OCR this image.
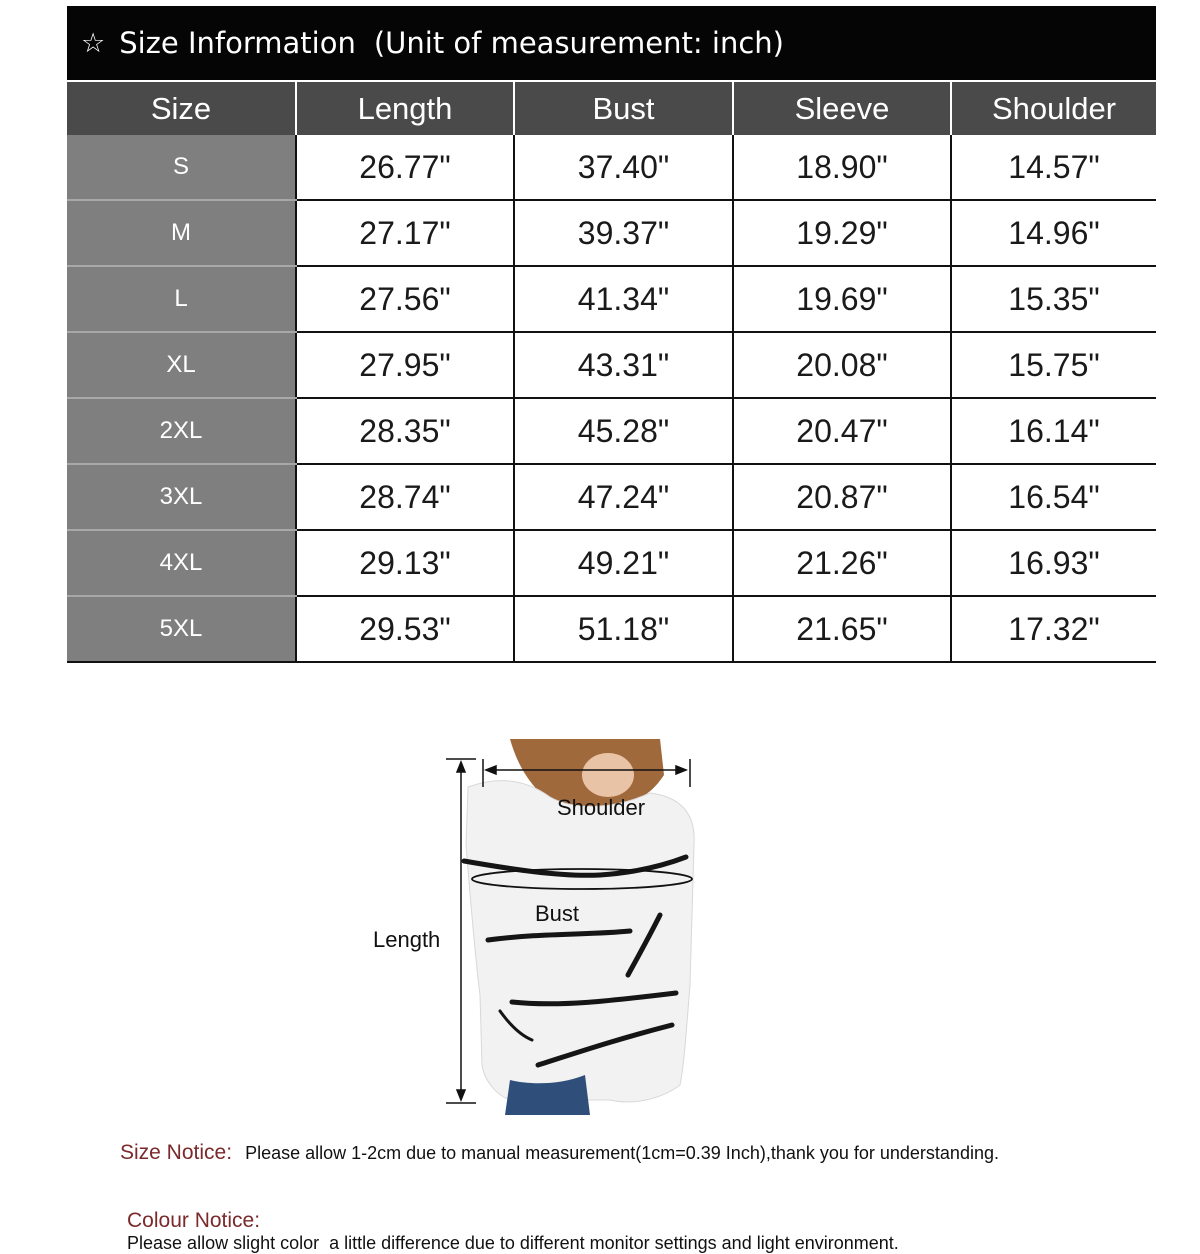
☆ Size Information (Unit of measurement: inch)
Size	Length	Bust	Sleeve	Shoulder
S	26.77"	37.40"	18.90"	14.57"
M	27.17"	39.37"	19.29"	14.96"
L	27.56"	41.34"	19.69"	15.35"
XL	27.95"	43.31"	20.08"	15.75"
2XL	28.35"	45.28"	20.47"	16.14"
3XL	28.74"	47.24"	20.87"	16.54"
4XL	29.13"	49.21"	21.26"	16.93"
5XL	29.53"	51.18"	21.65"	17.32"
Shoulder
Bust
Length
Size Notice: Please allow 1-2cm due to manual measurement(1cm=0.39 Inch),thank you for understanding.

Colour Notice:
Please allow slight color  a little difference due to different monitor settings and light environment.
